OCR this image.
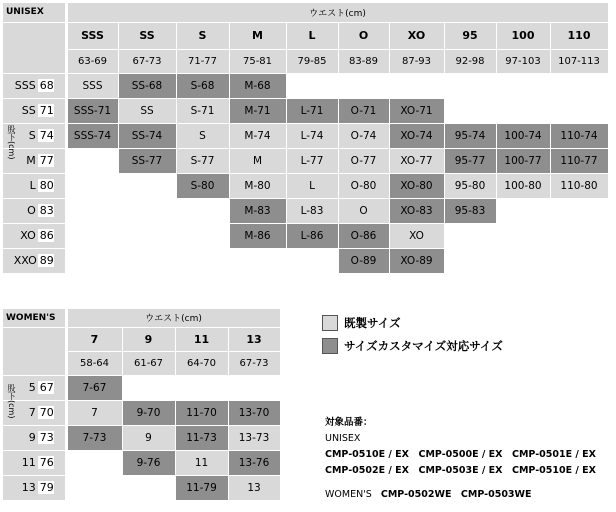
UNISEX		ウエスト(cm)									
		SSS	SS	S	M	L	O	XO	95	100	110
		63-69	67-73	71-77	75-81	79-85	83-89	87-93	92-98	97-103	107-113
SSS 68		SSS	SS-68	S-68	M-68						
SS 71		SSS-71	SS	S-71	M-71	L-71	O-71	XO-71			
S 74		SSS-74	SS-74	S	M-74	L-74	O-74	XO-74	95-74	100-74	110-74
M 77			SS-77	S-77	M	L-77	O-77	XO-77	95-77	100-77	110-77
L 80				S-80	M-80	L	O-80	XO-80	95-80	100-80	110-80
O 83					M-83	L-83	O	XO-83	95-83		
XO 86					M-86	L-86	O-86	XO			
XXO 89							O-89	XO-89			
股下(cm)
WOMEN'S		ウエスト(cm)			
		7	9	11	13
		58-64	61-67	64-70	67-73
5 67		7-67			
7 70		7	9-70	11-70	13-70
9 73		7-73	9	11-73	13-73
11 76			9-76	11	13-76
13 79				11-79	13
股下(cm)
既製サイズ
サイズカスタマイズ対応サイズ
対象品番：
UNISEX
CMP-0510E / EX　CMP-0500E / EX　CMP-0501E / EX
CMP-0502E / EX　CMP-0503E / EX　CMP-0510E / EX
WOMEN'S CMP-0502WE　CMP-0503WE
